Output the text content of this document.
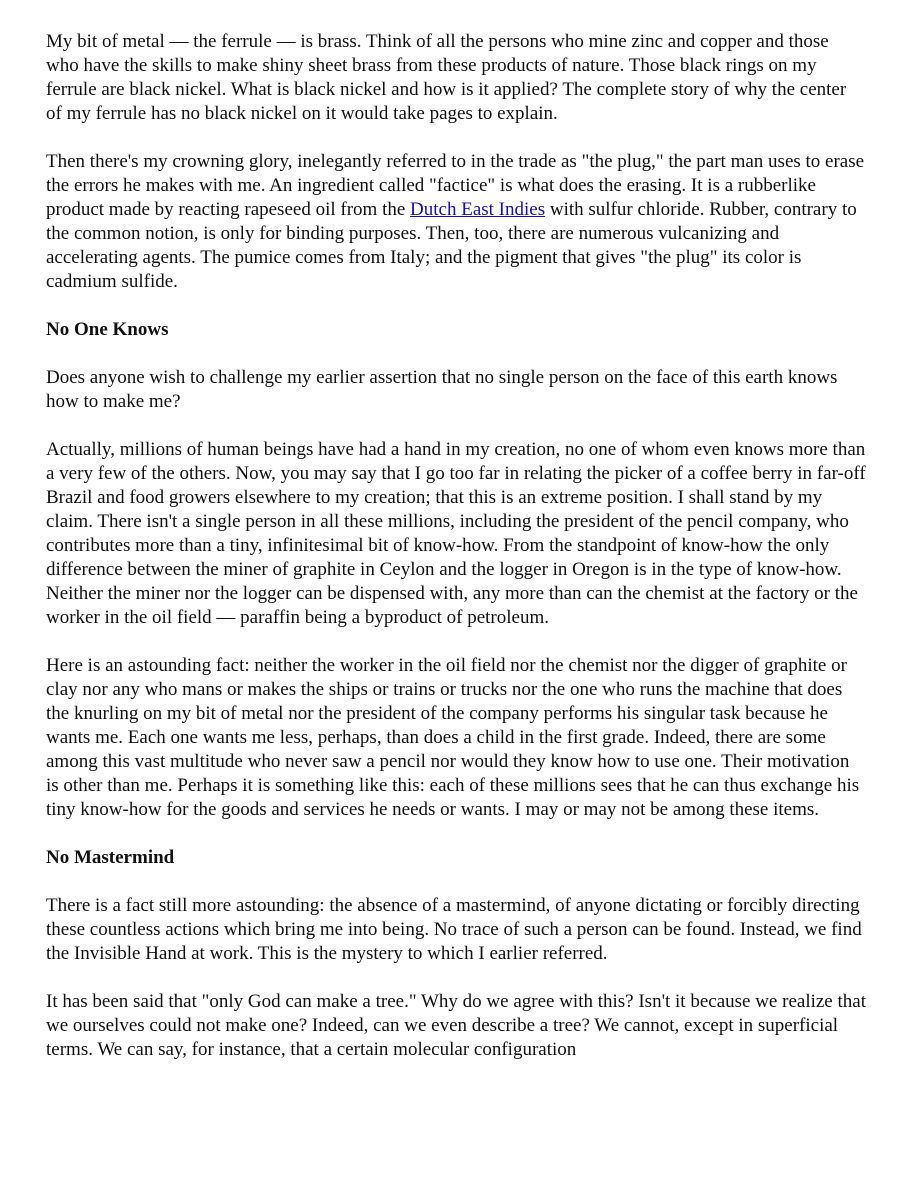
My bit of metal — the ferrule — is brass. Think of all the persons who mine zinc and copper and those who have the skills to make shiny sheet brass from these products of nature. Those black rings on my ferrule are black nickel. What is black nickel and how is it applied? The complete story of why the center of my ferrule has no black nickel on it would take pages to explain.

Then there's my crowning glory, inelegantly referred to in the trade as "the plug," the part man uses to erase the errors he makes with me. An ingredient called "factice" is what does the erasing. It is a rubberlike product made by reacting rapeseed oil from the Dutch East Indies with sulfur chloride. Rubber, contrary to the common notion, is only for binding purposes. Then, too, there are numerous vulcanizing and accelerating agents. The pumice comes from Italy; and the pigment that gives "the plug" its color is cadmium sulfide.

No One Knows

Does anyone wish to challenge my earlier assertion that no single person on the face of this earth knows how to make me?

Actually, millions of human beings have had a hand in my creation, no one of whom even knows more than a very few of the others. Now, you may say that I go too far in relating the picker of a coffee berry in far-off Brazil and food growers elsewhere to my creation; that this is an extreme position. I shall stand by my claim. There isn't a single person in all these millions, including the president of the pencil company, who contributes more than a tiny, infinitesimal bit of know-how. From the standpoint of know-how the only difference between the miner of graphite in Ceylon and the logger in Oregon is in the type of know-how. Neither the miner nor the logger can be dispensed with, any more than can the chemist at the factory or the worker in the oil field — paraffin being a byproduct of petroleum.

Here is an astounding fact: neither the worker in the oil field nor the chemist nor the digger of graphite or clay nor any who mans or makes the ships or trains or trucks nor the one who runs the machine that does the knurling on my bit of metal nor the president of the company performs his singular task because he wants me. Each one wants me less, perhaps, than does a child in the first grade. Indeed, there are some among this vast multitude who never saw a pencil nor would they know how to use one. Their motivation is other than me. Perhaps it is something like this: each of these millions sees that he can thus exchange his tiny know-how for the goods and services he needs or wants. I may or may not be among these items.

No Mastermind

There is a fact still more astounding: the absence of a mastermind, of anyone dictating or forcibly directing these countless actions which bring me into being. No trace of such a person can be found. Instead, we find the Invisible Hand at work. This is the mystery to which I earlier referred.

It has been said that "only God can make a tree." Why do we agree with this? Isn't it because we realize that we ourselves could not make one? Indeed, can we even describe a tree? We cannot, except in superficial terms. We can say, for instance, that a certain molecular configuration
